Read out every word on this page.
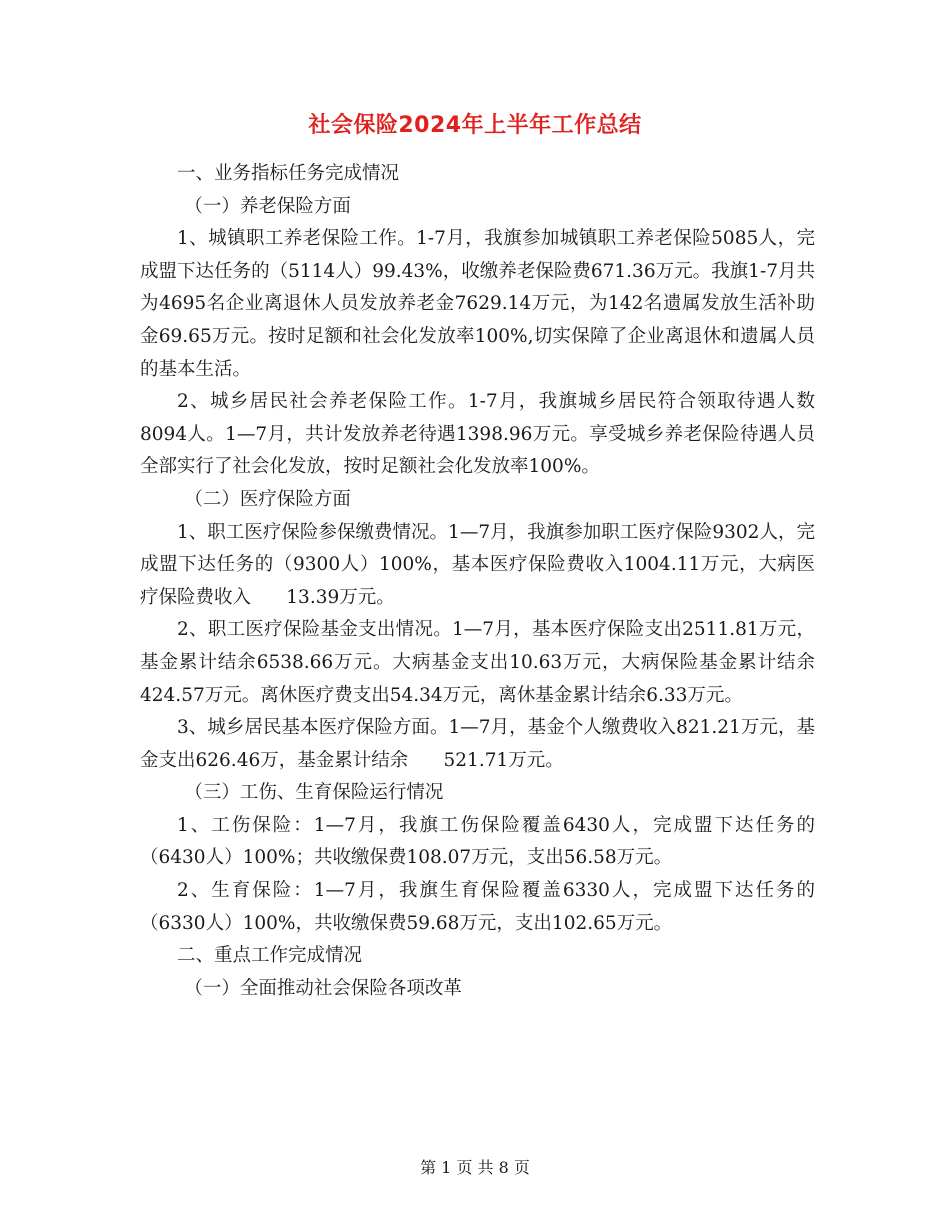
社会保险2024年上半年工作总结

一、业务指标任务完成情况

（一）养老保险方面

1、城镇职工养老保险工作。1-7月，我旗参加城镇职工养老保险5085人，完成盟下达任务的（5114人）99.43%，收缴养老保险费671.36万元。我旗1-7月共为4695名企业离退休人员发放养老金7629.14万元，为142名遗属发放生活补助金69.65万元。按时足额和社会化发放率100%,切实保障了企业离退休和遗属人员的基本生活。

2、城乡居民社会养老保险工作。1-7月，我旗城乡居民符合领取待遇人数8094人。1—7月，共计发放养老待遇1398.96万元。享受城乡养老保险待遇人员全部实行了社会化发放，按时足额社会化发放率100%。

（二）医疗保险方面

1、职工医疗保险参保缴费情况。1—7月，我旗参加职工医疗保险9302人，完成盟下达任务的（9300人）100%，基本医疗保险费收入1004.11万元，大病医疗保险费收入      13.39万元。

2、职工医疗保险基金支出情况。1—7月，基本医疗保险支出2511.81万元，基金累计结余6538.66万元。大病基金支出10.63万元，大病保险基金累计结余424.57万元。离休医疗费支出54.34万元，离休基金累计结余6.33万元。

3、城乡居民基本医疗保险方面。1—7月，基金个人缴费收入821.21万元，基金支出626.46万，基金累计结余      521.71万元。

（三）工伤、生育保险运行情况

1、工伤保险：1—7月，我旗工伤保险覆盖6430人，完成盟下达任务的（6430人）100%；共收缴保费108.07万元，支出56.58万元。

2、生育保险：1—7月，我旗生育保险覆盖6330人，完成盟下达任务的（6330人）100%，共收缴保费59.68万元，支出102.65万元。

二、重点工作完成情况

（一）全面推动社会保险各项改革

第 1 页 共 8 页
